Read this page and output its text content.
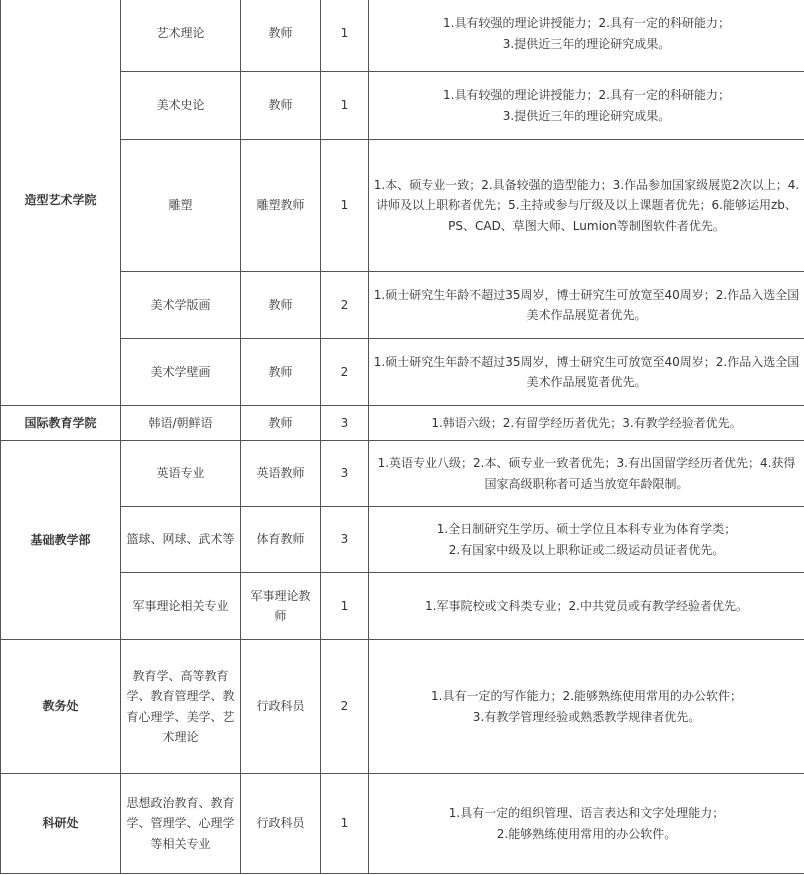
造型艺术学院	艺术理论	教师	1	1.具有较强的理论讲授能力；2.具有一定的科研能力；

3.提供近三年的理论研究成果。

	美术史论	教师	1	1.具有较强的理论讲授能力；2.具有一定的科研能力；

3.提供近三年的理论研究成果。

	雕塑	雕塑教师	1	1.本、硕专业一致；2.具备较强的造型能力；3.作品参加国家级展览2次以上；4.讲师及以上职称者优先；5.主持或参与厅级及以上课题者优先；6.能够运用zb、PS、CAD、草图大师、Lumion等制图软件者优先。

	美术学版画	教师	2	1.硕士研究生年龄不超过35周岁，博士研究生可放宽至40周岁；2.作品入选全国美术作品展览者优先。

	美术学壁画	教师	2	1.硕士研究生年龄不超过35周岁，博士研究生可放宽至40周岁；2.作品入选全国美术作品展览者优先。

国际教育学院	韩语/朝鲜语	教师	3	1.韩语六级；2.有留学经历者优先；3.有教学经验者优先。

基础教学部	英语专业	英语教师	3	1.英语专业八级；2.本、硕专业一致者优先；3.有出国留学经历者优先；4.获得国家高级职称者可适当放宽年龄限制。

	篮球、网球、武术等	体育教师	3	1.全日制研究生学历、硕士学位且本科专业为体育学类；

2.有国家中级及以上职称证或二级运动员证者优先。

	军事理论相关专业	军事理论教师	1	1.军事院校或文科类专业；2.中共党员或有教学经验者优先。

教务处	教育学、高等教育学、教育管理学、教育心理学、美学、艺术理论	行政科员	2	1.具有一定的写作能力；2.能够熟练使用常用的办公软件；

3.有教学管理经验或熟悉教学规律者优先。

科研处	思想政治教育、教育学、管理学、心理学等相关专业	行政科员	1	1.具有一定的组织管理、语言表达和文字处理能力；

2.能够熟练使用常用的办公软件。
